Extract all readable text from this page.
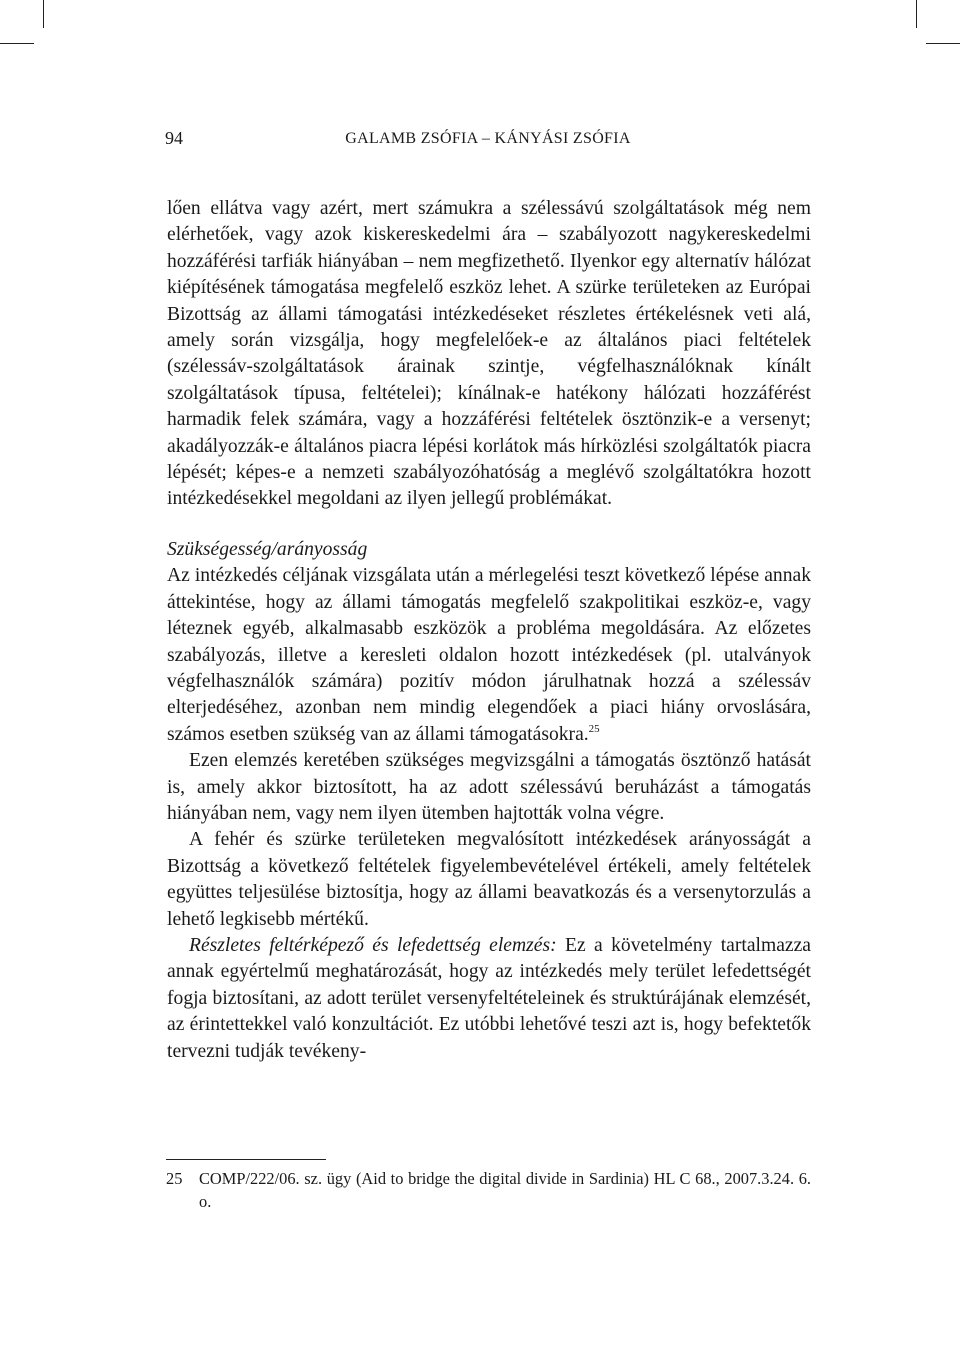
94	GALAMB ZSÓFIA – KÁNYÁSI ZSÓFIA

lően ellátva vagy azért, mert számukra a szélessávú szolgáltatások még nem elérhetőek, vagy azok kiskereskedelmi ára – szabályozott nagykereskedelmi hozzáférési tarfiák hiányában – nem megfizethető. Ilyenkor egy alternatív hálózat kiépítésének támogatása megfelelő eszköz lehet. A szürke területeken az Európai Bizottság az állami támogatási intézkedéseket részletes értékelésnek veti alá, amely során vizsgálja, hogy megfelelőek-e az általános piaci feltételek (szélessáv-szolgáltatások árainak szintje, végfelhasználóknak kínált szolgáltatások típusa, feltételei); kínálnak-e hatékony hálózati hozzáférést harmadik felek számára, vagy a hozzáférési feltételek ösztönzik-e a versenyt; akadályozzák-e általános piacra lépési korlátok más hírközlési szolgáltatók piacra lépését; képes-e a nemzeti szabályozóhatóság a meglévő szolgáltatókra hozott intézkedésekkel megoldani az ilyen jellegű problémákat.

Szükségesség/arányosság

Az intézkedés céljának vizsgálata után a mérlegelési teszt következő lépése annak áttekintése, hogy az állami támogatás megfelelő szakpolitikai eszköz-e, vagy léteznek egyéb, alkalmasabb eszközök a probléma megoldására. Az előzetes szabályozás, illetve a keresleti oldalon hozott intézkedések (pl. utalványok végfelhasználók számára) pozitív módon járulhatnak hozzá a szélessáv elterjedéséhez, azonban nem mindig elegendőek a piaci hiány orvoslására, számos esetben szükség van az állami támogatásokra.$^{25}$

Ezen elemzés keretében szükséges megvizsgálni a támogatás ösztönző hatását is, amely akkor biztosított, ha az adott szélessávú beruházást a támogatás hiányában nem, vagy nem ilyen ütemben hajtották volna végre.

A fehér és szürke területeken megvalósított intézkedések arányosságát a Bizottság a következő feltételek figyelembevételével értékeli, amely feltételek együttes teljesülése biztosítja, hogy az állami beavatkozás és a versenytorzulás a lehető legkisebb mértékű.

Részletes feltérképező és lefedettség elemzés: Ez a követelmény tartalmazza annak egyértelmű meghatározását, hogy az intézkedés mely terület lefedettségét fogja biztosítani, az adott terület versenyfeltételeinek és struktúrájának elemzését, az érintettekkel való konzultációt. Ez utóbbi lehetővé teszi azt is, hogy befektetők tervezni tudják tevékeny-

25 COMP/222/06. sz. ügy (Aid to bridge the digital divide in Sardinia) HL C 68., 2007.3.24. 6. o.
